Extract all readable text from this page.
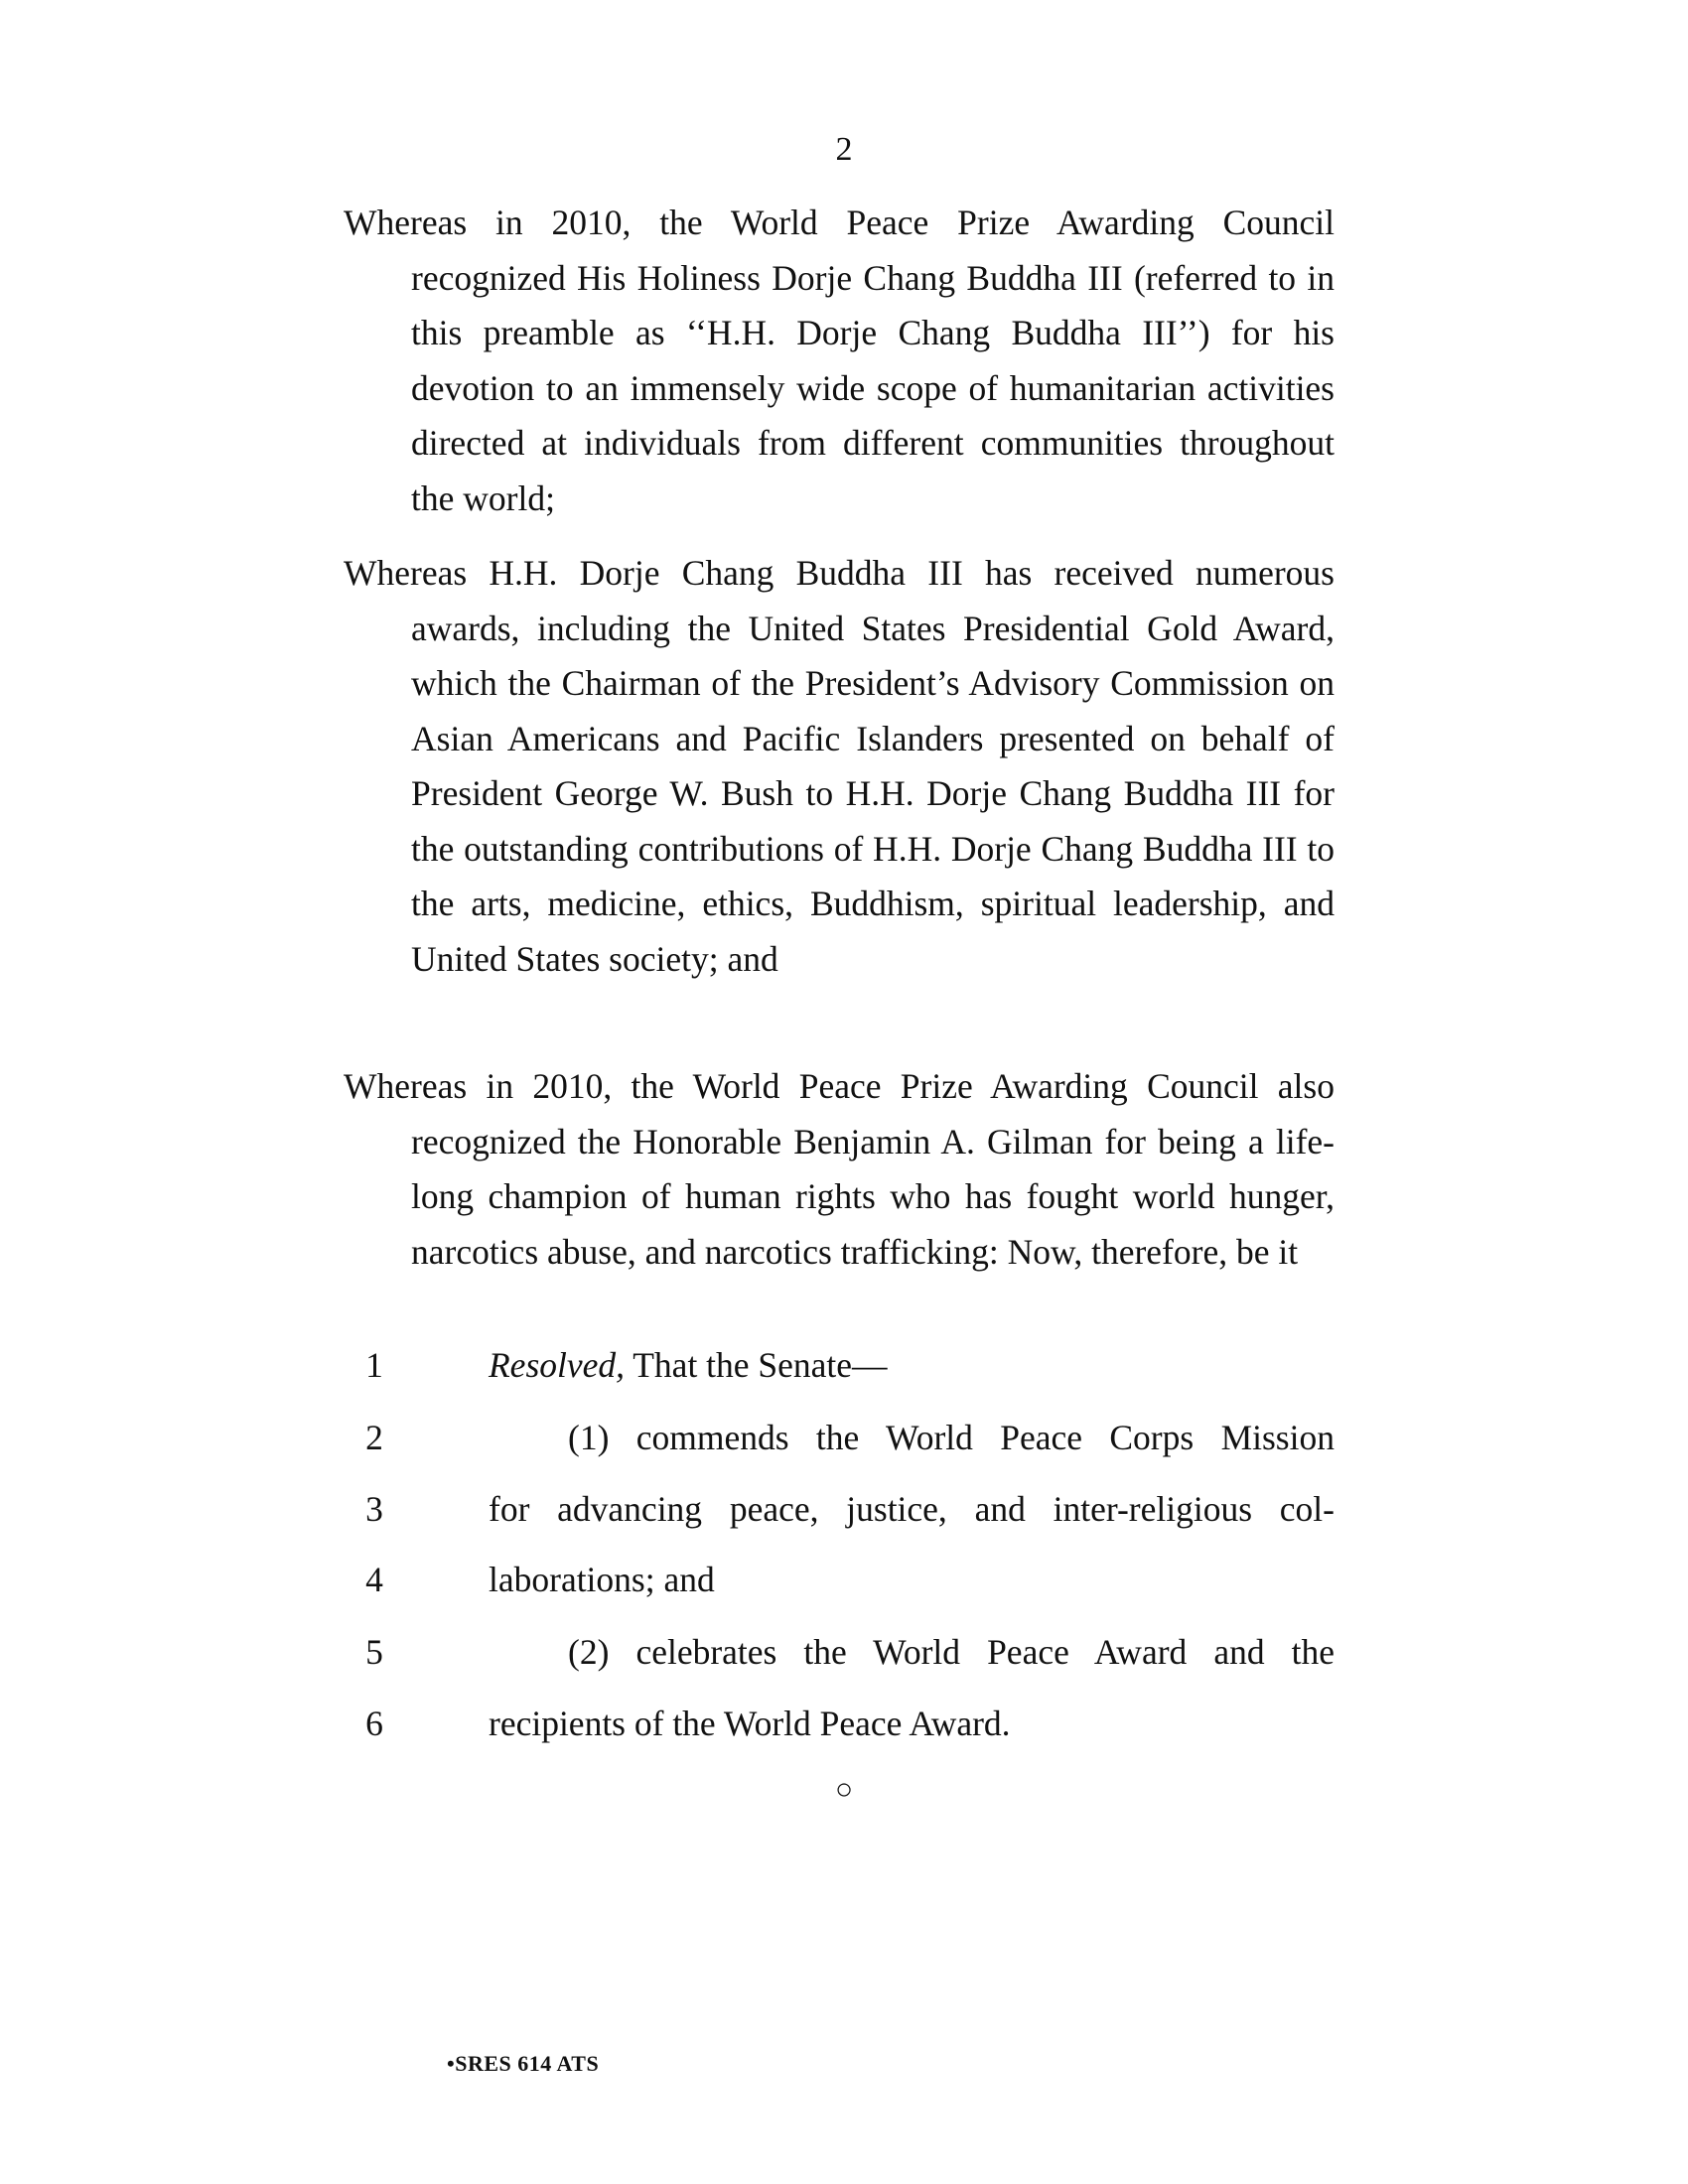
2

Whereas in 2010, the World Peace Prize Awarding Council recognized His Holiness Dorje Chang Buddha III (referred to in this preamble as ‘‘H.H. Dorje Chang Buddha III’’) for his devotion to an immensely wide scope of humanitarian activities directed at individuals from different communities throughout the world;

Whereas H.H. Dorje Chang Buddha III has received numerous awards, including the United States Presidential Gold Award, which the Chairman of the President’s Advisory Commission on Asian Americans and Pacific Islanders presented on behalf of President George W. Bush to H.H. Dorje Chang Buddha III for the outstanding contributions of H.H. Dorje Chang Buddha III to the arts, medicine, ethics, Buddhism, spiritual leadership, and United States society; and

Whereas in 2010, the World Peace Prize Awarding Council also recognized the Honorable Benjamin A. Gilman for being a life-long champion of human rights who has fought world hunger, narcotics abuse, and narcotics trafficking: Now, therefore, be it

1	Resolved, That the Senate—
2	(1) commends the World Peace Corps Mission
3	for advancing peace, justice, and inter-religious col-
4	laborations; and
5	(2) celebrates the World Peace Award and the
6	recipients of the World Peace Award.
○
•SRES 614 ATS
